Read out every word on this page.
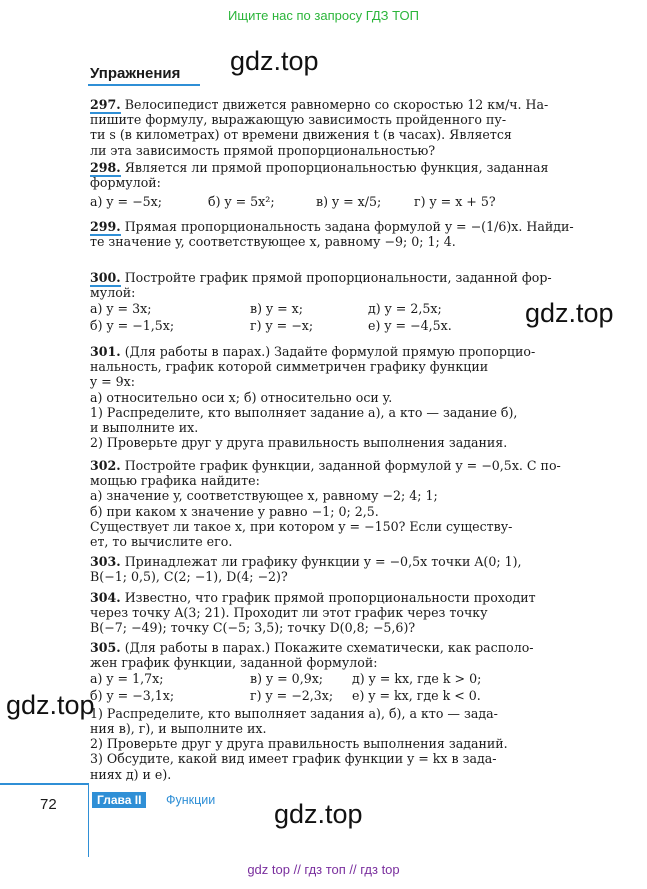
Ищите нас по запросу ГДЗ ТОП
gdz.top
gdz.top
gdz.top
gdz.top
Упражнения

297. Велосипедист движется равномерно со скоростью 12 км/ч. На-

пишите формулу, выражающую зависимость пройденного пу-

ти s (в километрах) от времени движения t (в часах). Является

ли эта зависимость прямой пропорциональностью?

298. Является ли прямой пропорциональностью функция, заданная

формулой:

а) y = −5x;	б) y = 5x²;	в) y = x/5;	г) y = x + 5?

299. Прямая пропорциональность задана формулой y = −(1/6)x. Найди-

те значение y, соответствующее x, равному −9; 0; 1; 4.

300. Постройте график прямой пропорциональности, заданной фор-

мулой:

а) y = 3x;	в) y = x;	д) y = 2,5x;
б) y = −1,5x;	г) y = −x;	е) y = −4,5x.

301. (Для работы в парах.) Задайте формулой прямую пропорцио-

нальность, график которой симметричен графику функции

y = 9x:

а) относительно оси x; б) относительно оси y.

1) Распределите, кто выполняет задание а), а кто — задание б),

и выполните их.

2) Проверьте друг у друга правильность выполнения задания.

302. Постройте график функции, заданной формулой y = −0,5x. С по-

мощью графика найдите:

а) значение y, соответствующее x, равному −2; 4; 1;

б) при каком x значение y равно −1; 0; 2,5.

Существует ли такое x, при котором y = −150? Если существу-

ет, то вычислите его.

303. Принадлежат ли графику функции y = −0,5x точки A(0; 1),

B(−1; 0,5), C(2; −1), D(4; −2)?

304. Известно, что график прямой пропорциональности проходит

через точку A(3; 21). Проходит ли этот график через точку

B(−7; −49); точку C(−5; 3,5); точку D(0,8; −5,6)?

305. (Для работы в парах.) Покажите схематически, как располо-

жен график функции, заданной формулой:

а) y = 1,7x;	в) y = 0,9x;	д) y = kx, где k > 0;
б) y = −3,1x;	г) y = −2,3x;	е) y = kx, где k < 0.

1) Распределите, кто выполняет задания а), б), а кто — зада-

ния в), г), и выполните их.

2) Проверьте друг у друга правильность выполнения заданий.

3) Обсудите, какой вид имеет график функции y = kx в зада-

ниях д) и е).

72	Глава II	Функции
gdz top // гдз топ // гдз top
